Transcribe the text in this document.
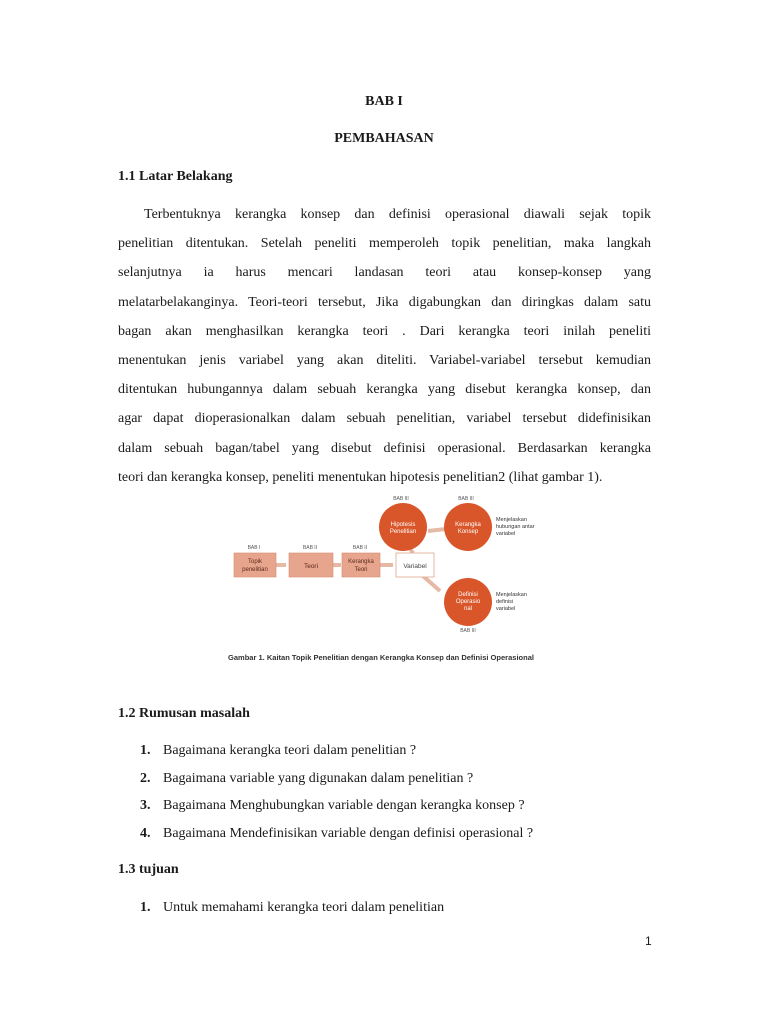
BAB I
PEMBAHASAN
1.1 Latar Belakang
Terbentuknya kerangka konsep dan definisi operasional diawali sejak topik
penelitian ditentukan. Setelah peneliti memperoleh topik penelitian, maka langkah
selanjutnya ia harus mencari landasan teori atau konsep-konsep yang
melatarbelakanginya. Teori-teori tersebut, Jika digabungkan dan diringkas dalam satu
bagan akan menghasilkan kerangka teori . Dari kerangka teori inilah peneliti
menentukan jenis variabel yang akan diteliti. Variabel-variabel tersebut kemudian
ditentukan hubungannya dalam sebuah kerangka yang disebut kerangka konsep, dan
agar dapat dioperasionalkan dalam sebuah penelitian, variabel tersebut didefinisikan
dalam sebuah bagan/tabel yang disebut definisi operasional. Berdasarkan kerangka
teori dan kerangka konsep, peneliti menentukan hipotesis penelitian2 (lihat gambar 1).
BAB I
Topik
penelitian
BAB II
Teori
BAB II
Kerangka
Teori	Variabel
BAB III
Hipotesis
Penelitian
BAB III
Kerangka
Konsep
Definisi
Operasio
nal
BAB III
Menjelaskan
hubungan antar
variabel
Menjelaskan
definisi
variabel
Gambar 1. Kaitan Topik Penelitian dengan Kerangka Konsep dan Definisi Operasional
1.2 Rumusan masalah
1. Bagaimana kerangka teori dalam penelitian ?
2. Bagaimana variable yang digunakan dalam penelitian ?
3. Bagaimana Menghubungkan variable dengan kerangka konsep ?
4. Bagaimana Mendefinisikan variable dengan definisi operasional ?
1.3 tujuan
1. Untuk memahami kerangka teori dalam penelitian
1
